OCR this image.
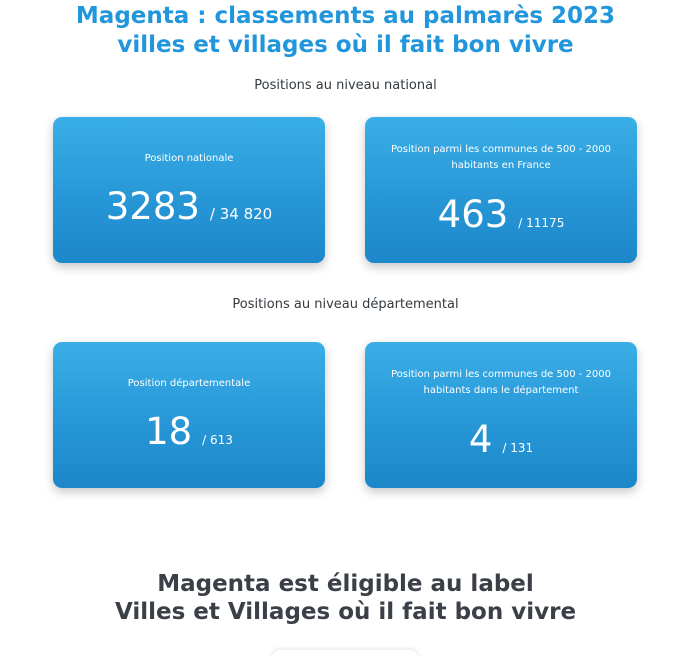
Magenta : classements au palmarès 2023
villes et villages où il fait bon vivre
Positions au niveau national
Position nationale
3283 / 34 820
Position parmi les communes de 500 - 2000 habitants en France
463 / 11175
Positions au niveau départemental
Position départementale
18 / 613
Position parmi les communes de 500 - 2000 habitants dans le département
4 / 131
Magenta est éligible au label
Villes et Villages où il fait bon vivre
